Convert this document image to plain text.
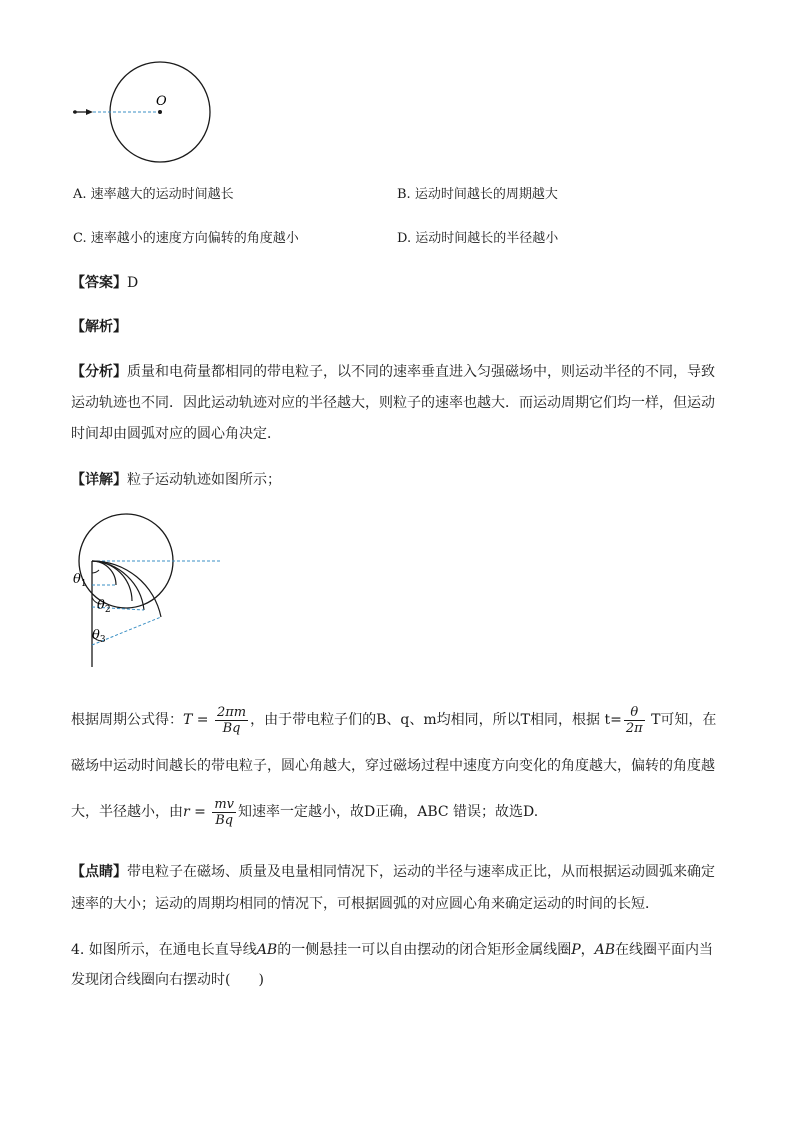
O
A. 速率越大的运动时间越长	B. 运动时间越长的周期越大
C. 速率越小的速度方向偏转的角度越小	D. 运动时间越长的半径越小
【答案】D
【解析】
【分析】质量和电荷量都相同的带电粒子，以不同的速率垂直进入匀强磁场中，则运动半径的不同，导致
运动轨迹也不同．因此运动轨迹对应的半径越大，则粒子的速率也越大．而运动周期它们均一样，但运动
时间却由圆弧对应的圆心角决定．
【详解】粒子运动轨迹如图所示；
$\theta_1$
$\theta_2$
$\theta_3$
根据周期公式得：$T = \frac{2\pi m}{Bq}$ ，由于带电粒子们的B、q、m均相同，所以T相同，根据 $t= \frac{\theta}{2\pi}$ T可知，在
磁场中运动时间越长的带电粒子，圆心角越大，穿过磁场过程中速度方向变化的角度越大，偏转的角度越
大，半径越小，由$r = \frac{mv}{Bq}$ 知速率一定越小，故D正确，ABC 错误；故选D.
【点睛】带电粒子在磁场、质量及电量相同情况下，运动的半径与速率成正比，从而根据运动圆弧来确定
速率的大小；运动的周期均相同的情况下，可根据圆弧的对应圆心角来确定运动的时间的长短．
4. 如图所示，在通电长直导线AB的一侧悬挂一可以自由摆动的闭合矩形金属线圈P，AB在线圈平面内当
发现闭合线圈向右摆动时(　　)
